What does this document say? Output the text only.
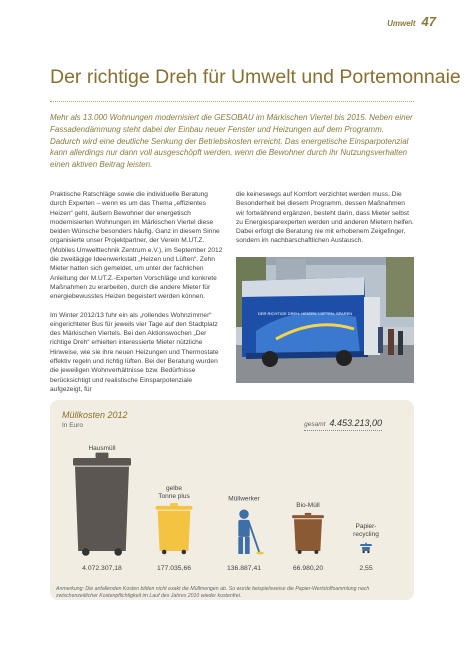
Umwelt 47
Der richtige Dreh für Umwelt und Portemonnaie

Mehr als 13.000 Wohnungen modernisiert die GESOBAU im Märkischen Viertel bis 2015. Neben einer Fassadendämmung steht dabei der Einbau neuer Fenster und Heizungen auf dem Programm. Dadurch wird eine deutliche Senkung der Betriebskosten erreicht. Das energetische Einsparpotenzial kann allerdings nur dann voll ausgeschöpft werden, wenn die Bewohner durch ihr Nutzungsverhalten einen aktiven Beitrag leisten.

Praktische Ratschläge sowie die individuelle Beratung durch Experten – wenn es um das Thema „effizientes Heizen“ geht, äußern Bewohner der energetisch modernisierten Wohnungen im Märkischen Viertel diese beiden Wünsche besonders häufig. Ganz in diesem Sinne organisierte unser Projektpartner, der Verein M.UT.Z. (Mobiles Umwelttechnik Zentrum e.V.), im September 2012 die zweitägige Ideenwerkstatt „Heizen und Lüften“. Zehn Mieter hatten sich gemeldet, um unter der fachlichen Anleitung der M.UT.Z.-Experten Vorschläge und konkrete Maßnahmen zu erarbeiten, durch die andere Mieter für energiebewusstes Heizen begeistert werden können.

Im Winter 2012/13 fuhr ein als „rollendes Wohnzimmer“ eingerichteter Bus für jeweils vier Tage auf den Stadtplatz des Märkischen Viertels. Bei den Aktionswochen „Der richtige Dreh“ erhielten interessierte Mieter nützliche Hinweise, wie sie ihre neuen Heizungen und Thermostate effektiv regeln und richtig lüften. Bei der Beratung wurden die jeweiligen Wohnverhältnisse bzw. Bedürfnisse berücksichtigt und realistische Einsparpotenziale aufgezeigt, für

die keineswegs auf Komfort verzichtet werden muss. Die Besonderheit bei diesem Programm, dessen Maßnahmen wir fortwährend ergänzen, besteht darin, dass Mieter selbst zu Energiesparexperten werden und anderen Mietern helfen. Dabei erfolgt die Beratung nie mit erhobenem Zeigefinger, sondern im nachbarschaftlichen Austausch.

DER RICHTIGE DREH: HEIZEN, LÜFTEN, SPAREN
Hausmüll
4.072.307,18
gelbe
Tonne plus
177.035,66
Müllwerker
136.887,41
Bio-Müll
66.980,20
Papier-
recycling
2,55
Müllkosten 2012
In Euro	gesamt 4.453.213,00

Anmerkung: Die anfallenden Kosten bilden nicht exakt die Müllmengen ab. So wurde beispielsweise die Papier-Wertstoffsammlung nach zwischenzeitlicher Kostenpflichtigkeit im Lauf des Jahres 2010 wieder kostenfrei.
